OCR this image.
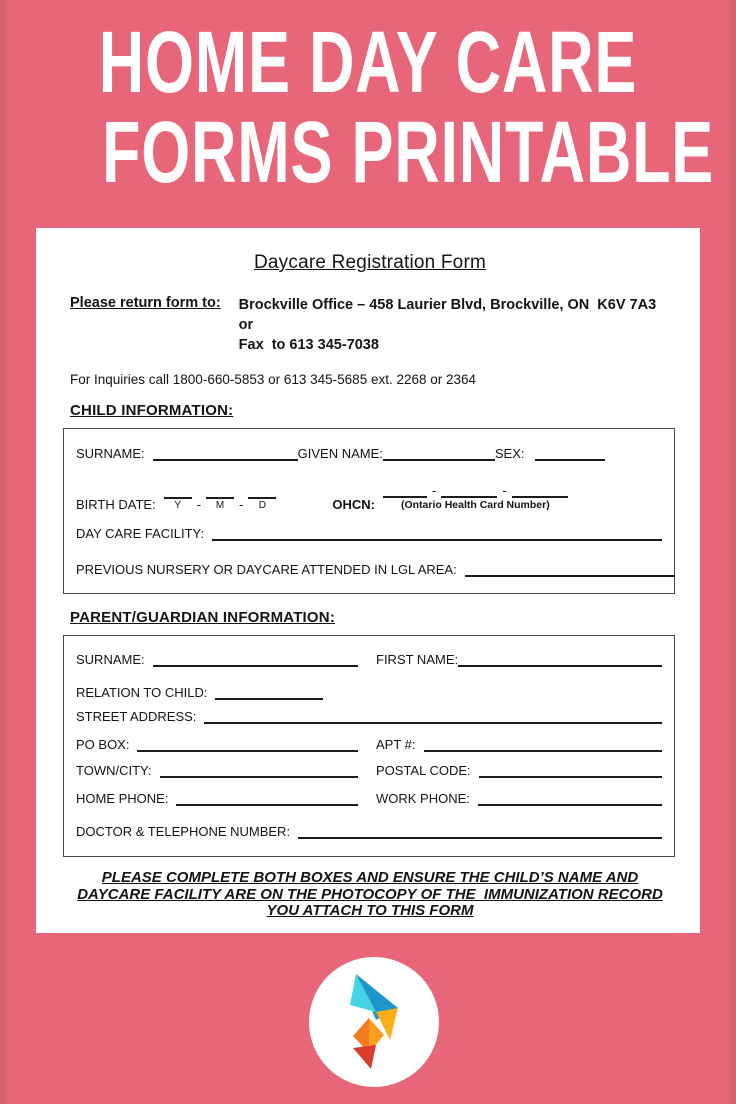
HOME DAY CARE
FORMS PRINTABLE
Daycare Registration Form
Please return form to: Brockville Office – 458 Laurier Blvd, Brockville, ON  K6V 7A3 or
Fax  to 613 345-7038
For Inquiries call 1800-660-5853 or 613 345-5685 ext. 2268 or 2364
CHILD INFORMATION:
SURNAME:	GIVEN NAME:	SEX:
BIRTH DATE: Y	-	M	-	D	OHCN:
-	-
(Ontario Health Card Number)
DAY CARE FACILITY:
PREVIOUS NURSERY OR DAYCARE ATTENDED IN LGL AREA:
PARENT/GUARDIAN INFORMATION:
SURNAME:	FIRST NAME:
RELATION TO CHILD:
STREET ADDRESS:
PO BOX:	APT #:
TOWN/CITY:	POSTAL CODE:
HOME PHONE:	WORK PHONE:
DOCTOR & TELEPHONE NUMBER:
PLEASE COMPLETE BOTH BOXES AND ENSURE THE CHILD’S NAME AND
DAYCARE FACILITY ARE ON THE PHOTOCOPY OF THE  IMMUNIZATION RECORD
YOU ATTACH TO THIS FORM
